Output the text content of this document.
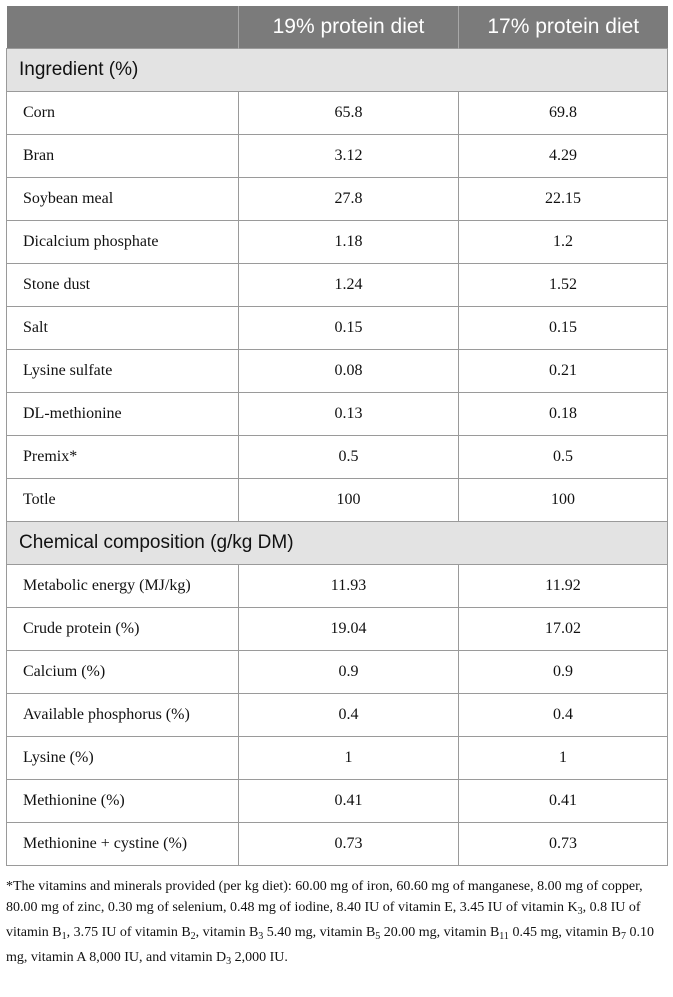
	19% protein diet	17% protein diet
Ingredient (%)		
Corn	65.8	69.8
Bran	3.12	4.29
Soybean meal	27.8	22.15
Dicalcium phosphate	1.18	1.2
Stone dust	1.24	1.52
Salt	0.15	0.15
Lysine sulfate	0.08	0.21
DL-methionine	0.13	0.18
Premix*	0.5	0.5
Totle	100	100
Chemical composition (g/kg DM)		
Metabolic energy (MJ/kg)	11.93	11.92
Crude protein (%)	19.04	17.02
Calcium (%)	0.9	0.9
Available phosphorus (%)	0.4	0.4
Lysine (%)	1	1
Methionine (%)	0.41	0.41
Methionine + cystine (%)	0.73	0.73
*The vitamins and minerals provided (per kg diet): 60.00 mg of iron, 60.60 mg of manganese, 8.00 mg of copper, 80.00 mg of zinc, 0.30 mg of selenium, 0.48 mg of iodine, 8.40 IU of vitamin E, 3.45 IU of vitamin $K_3$, 0.8 IU of vitamin $B_1$, 3.75 IU of vitamin $B_2$, vitamin $B_3$ 5.40 mg, vitamin $B_5$ 20.00 mg, vitamin $B_{11}$ 0.45 mg, vitamin $B_7$ 0.10 mg, vitamin A 8,000 IU, and vitamin $D_3$ 2,000 IU.
